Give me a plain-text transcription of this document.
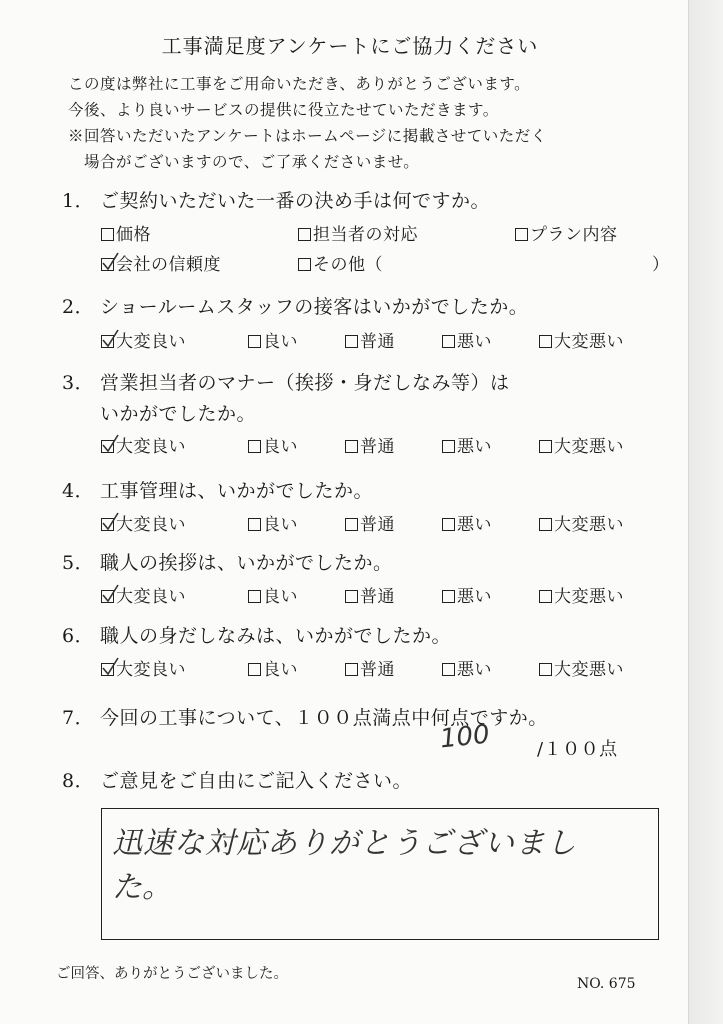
工事満足度アンケートにご協力ください
この度は弊社に工事をご用命いただき、ありがとうございます。
今後、より良いサービスの提供に役立たせていただきます。
※回答いただいたアンケートはホームページに掲載させていただく
　場合がございますので、ご了承くださいませ。
1． ご契約いただいた一番の決め手は何ですか。
価格	担当者の対応	プラン内容
会社の信頼度	その他（	）
2． ショールームスタッフの接客はいかがでしたか。
大変良い	良い	普通	悪い	大変悪い
3． 営業担当者のマナー（挨拶・身だしなみ等）は
いかがでしたか。
大変良い	良い	普通	悪い	大変悪い
4． 工事管理は、いかがでしたか。
大変良い	良い	普通	悪い	大変悪い
5． 職人の挨拶は、いかがでしたか。
大変良い	良い	普通	悪い	大変悪い
6． 職人の身だしなみは、いかがでしたか。
大変良い	良い	普通	悪い	大変悪い
7． 今回の工事について、１００点満点中何点ですか。
100	/１００点
8． ご意見をご自由にご記入ください。
迅速な対応ありがとうございまし
た。
ご回答、ありがとうございました。
NO. 675
